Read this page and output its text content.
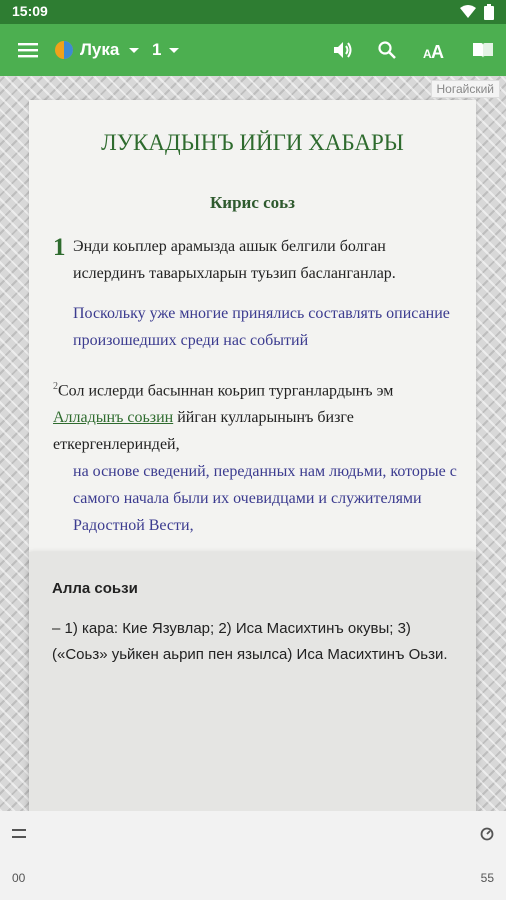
15:09
Лука 1	A A
Ногайский
ЛУКАДЫНЪ ИЙГИ ХАБАРЫ
Кирис соьз
1 Энди коьплер арамызда ашык белгили болган ислердинъ таварыхларын туьзип басланганлар.
Поскольку уже многие принялись составлять описание произошедших среди нас событий
$^2$Сол ислерди басыннан коьрип турганлардынъ эм Алладынъ соьзин ййган кулларынынъ бизге еткергенлериндей,
на основе сведений, переданных нам людьми, которые с самого начала были их очевидцами и служителями Радостной Вести,
Алла соьзи
– 1) кара: Кие Язувлар; 2) Иса Масихтинъ окувы; 3) («Соьз» уьйкен аьрип пен язылса) Иса Масихтинъ Оьзи.
00	55
